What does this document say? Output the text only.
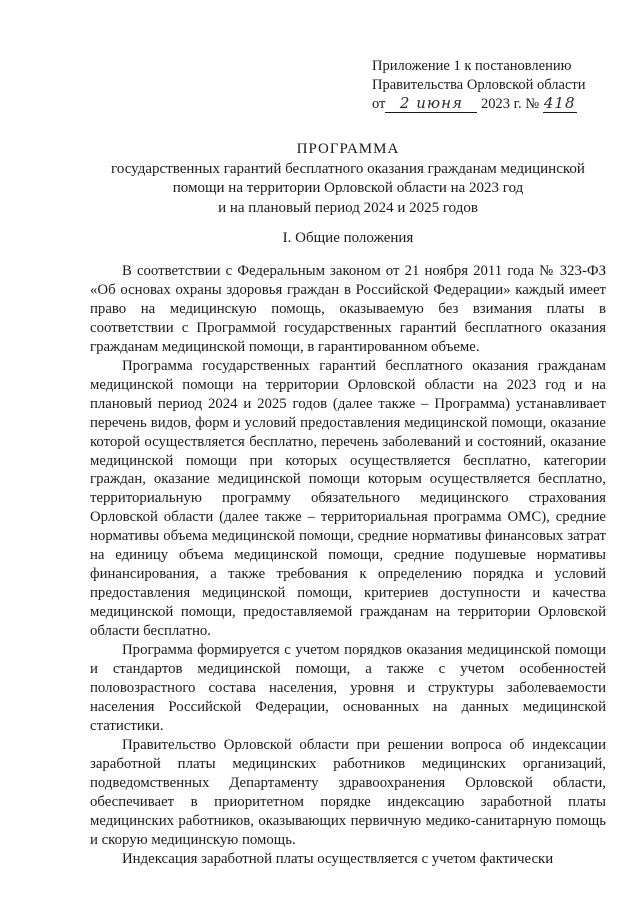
Приложение 1 к постановлению
Правительства Орловской области
от 2 июня 2023 г. № 418
ПРОГРАММА
государственных гарантий бесплатного оказания гражданам медицинской
помощи на территории Орловской области на 2023 год
и на плановый период 2024 и 2025 годов
I. Общие положения

В соответствии с Федеральным законом от 21 ноября 2011 года № 323-ФЗ «Об основах охраны здоровья граждан в Российской Федерации» каждый имеет право на медицинскую помощь, оказываемую без взимания платы в соответствии с Программой государственных гарантий бесплатного оказания гражданам медицинской помощи, в гарантированном объеме.

Программа государственных гарантий бесплатного оказания гражданам медицинской помощи на территории Орловской области на 2023 год и на плановый период 2024 и 2025 годов (далее также – Программа) устанавливает перечень видов, форм и условий предоставления медицинской помощи, оказание которой осуществляется бесплатно, перечень заболеваний и состояний, оказание медицинской помощи при которых осуществляется бесплатно, категории граждан, оказание медицинской помощи которым осуществляется бесплатно, территориальную программу обязательного медицинского страхования Орловской области (далее также – территориальная программа ОМС), средние нормативы объема медицинской помощи, средние нормативы финансовых затрат на единицу объема медицинской помощи, средние подушевые нормативы финансирования, а также требования к определению порядка и условий предоставления медицинской помощи, критериев доступности и качества медицинской помощи, предоставляемой гражданам на территории Орловской области бесплатно.

Программа формируется с учетом порядков оказания медицинской помощи и стандартов медицинской помощи, а также с учетом особенностей половозрастного состава населения, уровня и структуры заболеваемости населения Российской Федерации, основанных на данных медицинской статистики.

Правительство Орловской области при решении вопроса об индексации заработной платы медицинских работников медицинских организаций, подведомственных Департаменту здравоохранения Орловской области, обеспечивает в приоритетном порядке индексацию заработной платы медицинских работников, оказывающих первичную медико-санитарную помощь и скорую медицинскую помощь.

Индексация заработной платы осуществляется с учетом фактически
